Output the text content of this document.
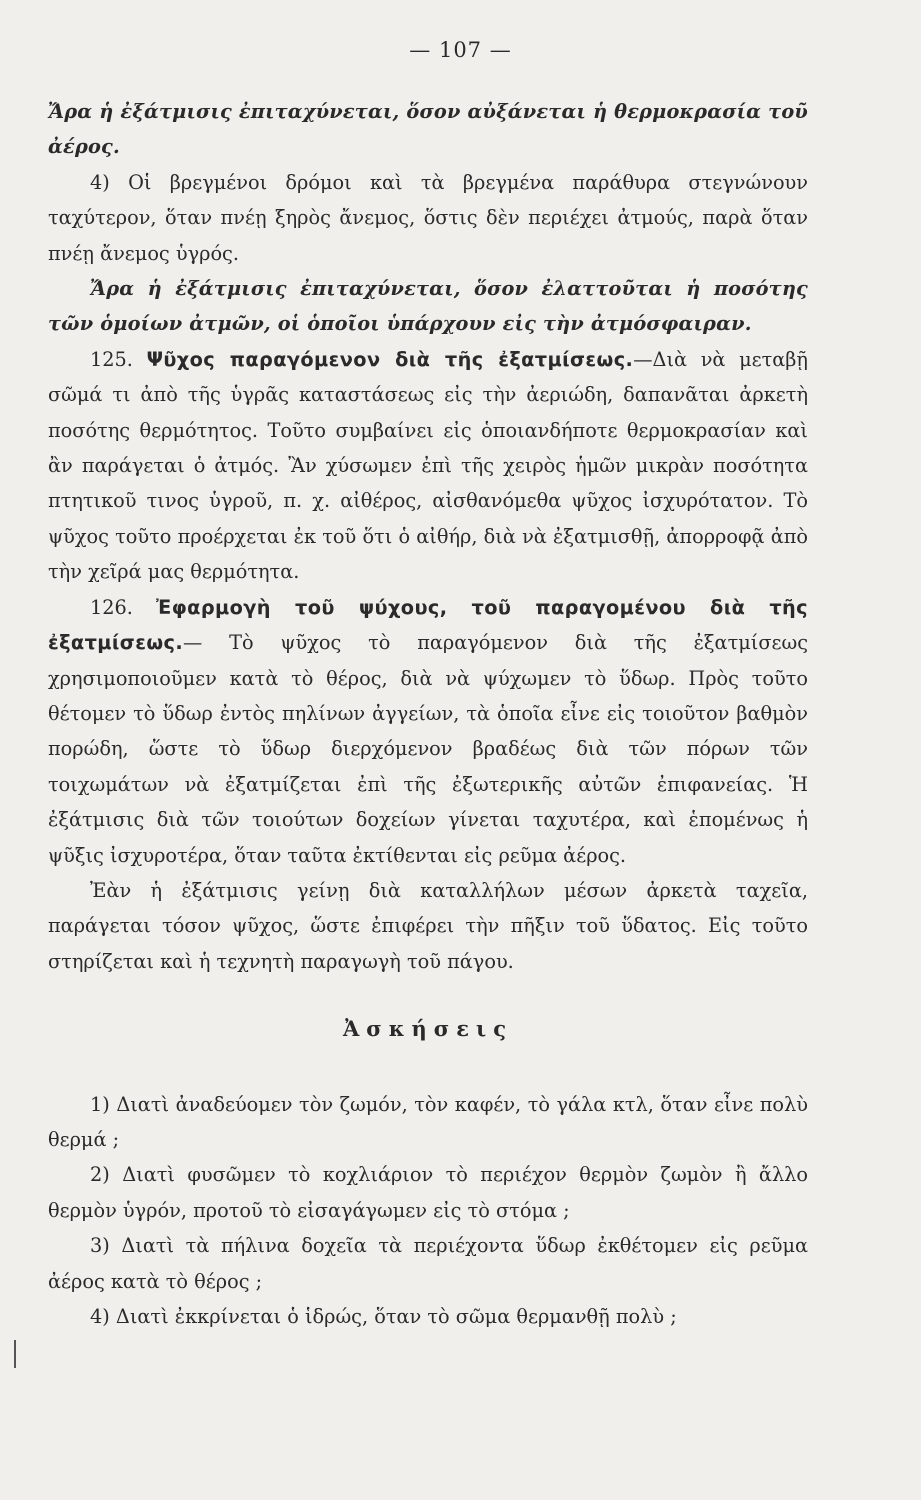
— 107 —

Ἄρα ἡ ἐξάτμισις ἐπιταχύνεται, ὅσον αὐξάνεται ἡ θερμοκρασία τοῦ ἀέρος.

4) Οἱ βρεγμένοι δρόμοι καὶ τὰ βρεγμένα παράθυρα στεγνώνουν ταχύτερον, ὅταν πνέῃ ξηρὸς ἄνεμος, ὅστις δὲν περιέχει ἀτμούς, παρὰ ὅταν πνέῃ ἄνεμος ὑγρός.

Ἄρα ἡ ἐξάτμισις ἐπιταχύνεται, ὅσον ἐλαττοῦται ἡ ποσότης τῶν ὁμοίων ἀτμῶν, οἱ ὁποῖοι ὑπάρχουν εἰς τὴν ἀτμόσφαιραν.

125. Ψῦχος παραγόμενον διὰ τῆς ἐξατμίσεως.—Διὰ νὰ μεταβῇ σῶμά τι ἀπὸ τῆς ὑγρᾶς καταστάσεως εἰς τὴν ἀεριώδη, δαπανᾶται ἀρκετὴ ποσότης θερμότητος. Τοῦτο συμβαίνει εἰς ὁποιανδήποτε θερμοκρασίαν καὶ ἂν παράγεται ὁ ἀτμός. Ἂν χύσωμεν ἐπὶ τῆς χειρὸς ἡμῶν μικρὰν ποσότητα πτητικοῦ τινος ὑγροῦ, π. χ. αἰθέρος, αἰσθανόμεθα ψῦχος ἰσχυρότατον. Τὸ ψῦχος τοῦτο προέρχεται ἐκ τοῦ ὅτι ὁ αἰθήρ, διὰ νὰ ἐξατμισθῇ, ἀπορροφᾷ ἀπὸ τὴν χεῖρά μας θερμότητα.

126. Ἐφαρμογὴ τοῦ ψύχους, τοῦ παραγομένου διὰ τῆς ἐξατμίσεως.— Τὸ ψῦχος τὸ παραγόμενον διὰ τῆς ἐξατμίσεως χρησιμοποιοῦμεν κατὰ τὸ θέρος, διὰ νὰ ψύχωμεν τὸ ὕδωρ. Πρὸς τοῦτο θέτομεν τὸ ὕδωρ ἐντὸς πηλίνων ἀγγείων, τὰ ὁποῖα εἶνε εἰς τοιοῦτον βαθμὸν πορώδη, ὥστε τὸ ὕδωρ διερχόμενον βραδέως διὰ τῶν πόρων τῶν τοιχωμάτων νὰ ἐξατμίζεται ἐπὶ τῆς ἐξωτερικῆς αὐτῶν ἐπιφανείας. Ἡ ἐξάτμισις διὰ τῶν τοιούτων δοχείων γίνεται ταχυτέρα, καὶ ἑπομένως ἡ ψῦξις ἰσχυροτέρα, ὅταν ταῦτα ἐκτίθενται εἰς ρεῦμα ἀέρος.

Ἐὰν ἡ ἐξάτμισις γείνῃ διὰ καταλλήλων μέσων ἀρκετὰ ταχεῖα, παράγεται τόσον ψῦχος, ὥστε ἐπιφέρει τὴν πῆξιν τοῦ ὕδατος. Εἰς τοῦτο στηρίζεται καὶ ἡ τεχνητὴ παραγωγὴ τοῦ πάγου.

Ἀσκήσεις

1) Διατὶ ἀναδεύομεν τὸν ζωμόν, τὸν καφέν, τὸ γάλα κτλ, ὅταν εἶνε πολὺ θερμά ;

2) Διατὶ φυσῶμεν τὸ κοχλιάριον τὸ περιέχον θερμὸν ζωμὸν ἢ ἄλλο θερμὸν ὑγρόν, προτοῦ τὸ εἰσαγάγωμεν εἰς τὸ στόμα ;

3) Διατὶ τὰ πήλινα δοχεῖα τὰ περιέχοντα ὕδωρ ἐκθέτομεν εἰς ρεῦμα ἀέρος κατὰ τὸ θέρος ;

4) Διατὶ ἐκκρίνεται ὁ ἱδρώς, ὅταν τὸ σῶμα θερμανθῇ πολὺ ;
